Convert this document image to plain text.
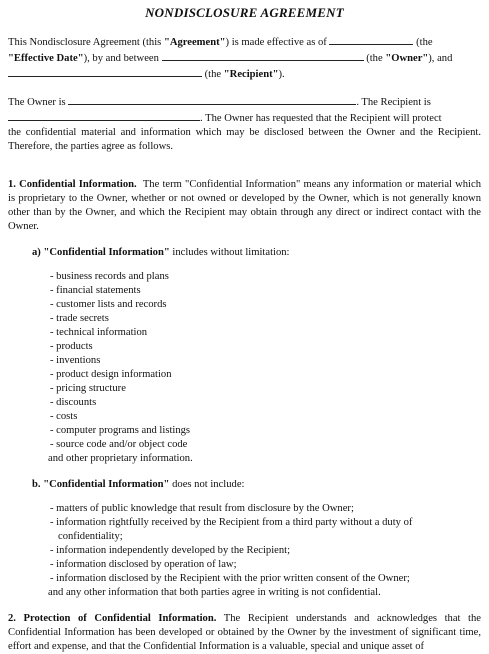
NONDISCLOSURE AGREEMENT

This Nondisclosure Agreement (this "Agreement") is made effective as of	(the
"Effective Date"), by and between	(the "Owner"), and
(the "Recipient").

The Owner is	. The Recipient is
. The Owner has requested that the Recipient will protect
the confidential material and information which may be disclosed between the Owner and the Recipient. Therefore, the parties agree as follows.

1. Confidential Information. The term "Confidential Information" means any information or material which is proprietary to the Owner, whether or not owned or developed by the Owner, which is not generally known other than by the Owner, and which the Recipient may obtain through any direct or indirect contact with the Owner.

a) "Confidential Information" includes without limitation:
- business records and plans
- financial statements
- customer lists and records
- trade secrets
- technical information
- products
- inventions
- product design information
- pricing structure
- discounts
- costs
- computer programs and listings
- source code and/or object code
and other proprietary information.
b. "Confidential Information" does not include:
- matters of public knowledge that result from disclosure by the Owner;
- information rightfully received by the Recipient from a third party without a duty of
confidentiality;
- information independently developed by the Recipient;
- information disclosed by operation of law;
- information disclosed by the Recipient with the prior written consent of the Owner;
and any other information that both parties agree in writing is not confidential.

2. Protection of Confidential Information. The Recipient understands and acknowledges that the Confidential Information has been developed or obtained by the Owner by the investment of significant time, effort and expense, and that the Confidential Information is a valuable, special and unique asset of
